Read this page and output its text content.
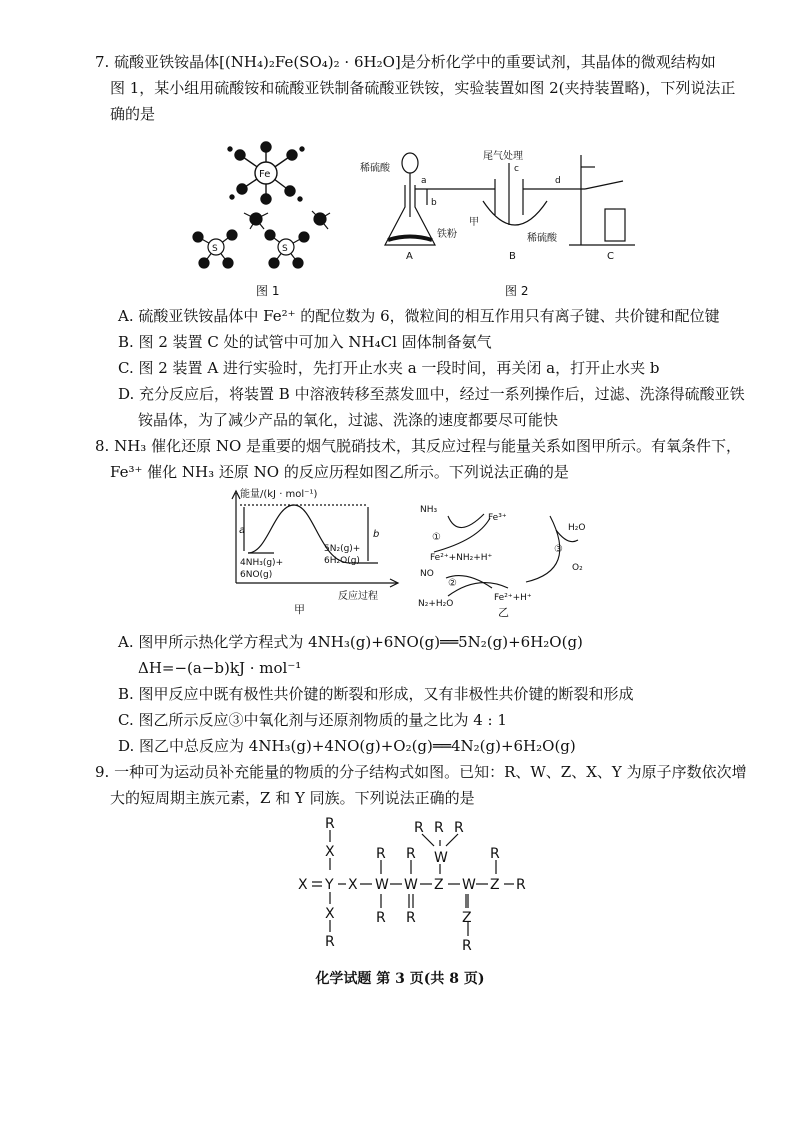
7. 硫酸亚铁铵晶体[(NH₄)₂Fe(SO₄)₂ · 6H₂O]是分析化学中的重要试剂，其晶体的微观结构如
图 1，某小组用硫酸铵和硫酸亚铁制备硫酸亚铁铵，实验装置如图 2(夹持装置略)，下列说法正
确的是
Fe
S	S
图 1
稀硫酸
尾气处理
a
b
c
d
铁粉
甲
稀硫酸
A	B	C
图 2
A. 硫酸亚铁铵晶体中 Fe²⁺ 的配位数为 6，微粒间的相互作用只有离子键、共价键和配位键
B. 图 2 装置 C 处的试管中可加入 NH₄Cl 固体制备氨气
C. 图 2 装置 A 进行实验时，先打开止水夹 a 一段时间，再关闭 a，打开止水夹 b
D. 充分反应后，将装置 B 中溶液转移至蒸发皿中，经过一系列操作后，过滤、洗涤得硫酸亚铁
铵晶体，为了减少产品的氧化，过滤、洗涤的速度都要尽可能快
8. NH₃ 催化还原 NO 是重要的烟气脱硝技术，其反应过程与能量关系如图甲所示。有氧条件下，
Fe³⁺ 催化 NH₃ 还原 NO 的反应历程如图乙所示。下列说法正确的是
能量/(kJ · mol⁻¹)
a	b
4NH₃(g)+
6NO(g)
5N₂(g)+
6H₂O(g)
反应过程
甲
NH₃
Fe³⁺
①
Fe²⁺+NH₂+H⁺
NO
②
N₂+H₂O
Fe²⁺+H⁺
③
H₂O
O₂
乙
A. 图甲所示热化学方程式为 4NH₃(g)+6NO(g)══5N₂(g)+6H₂O(g)
ΔH=−(a−b)kJ · mol⁻¹
B. 图甲反应中既有极性共价键的断裂和形成，又有非极性共价键的断裂和形成
C. 图乙所示反应③中氧化剂与还原剂物质的量之比为 4 : 1
D. 图乙中总反应为 4NH₃(g)+4NO(g)+O₂(g)══4N₂(g)+6H₂O(g)
9. 一种可为运动员补充能量的物质的分子结构式如图。已知：R、W、Z、X、Y 为原子序数依次增
大的短周期主族元素，Z 和 Y 同族。下列说法正确的是
R
X
X Y X W W Z W Z R
X
R
R
R
R
R
W
R R R
Z
R
R
化学试题 第 3 页(共 8 页)
